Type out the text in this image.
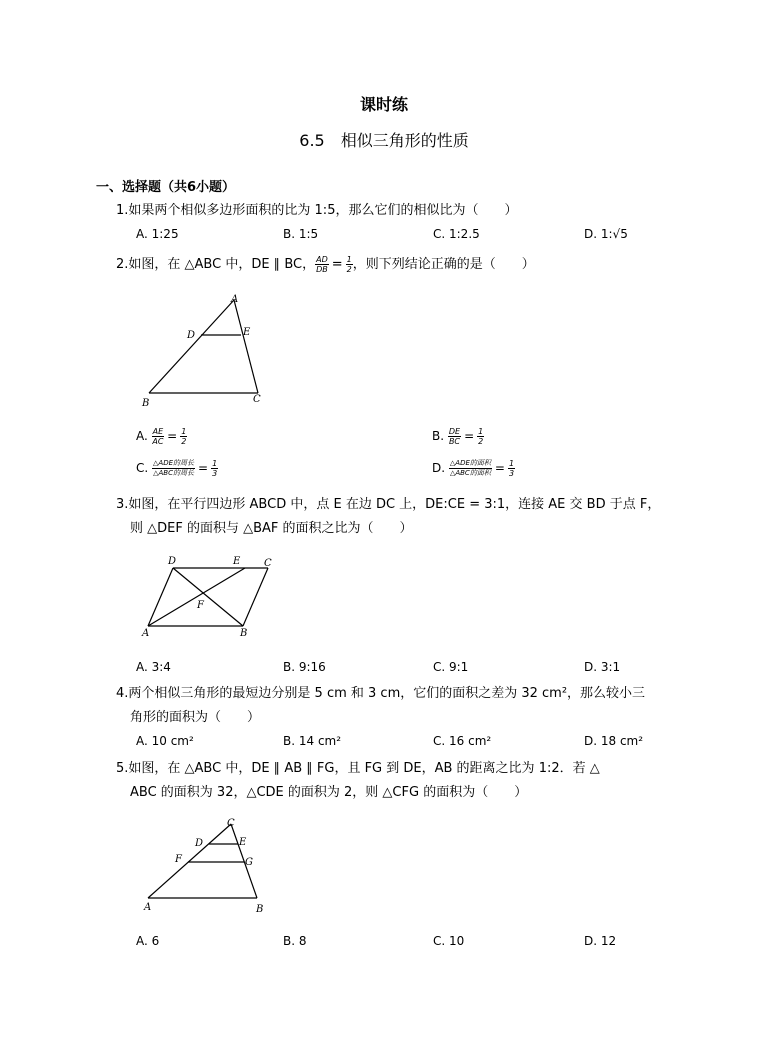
课时练
6.5　相似三角形的性质
一、选择题（共6小题）
1.如果两个相似多边形面积的比为 1:5，那么它们的相似比为（　　）
A. 1:25	B. 1:5	C. 1:2.5	D. 1:√5
2.如图，在 △ABC 中，DE ∥ BC， $\frac{AD}{DB} = \frac{1}{2}$ ，则下列结论正确的是（　　）
A
B	C
D	E
A. $\frac{AE}{AC} = \frac{1}{2}$	B. $\frac{DE}{BC} = \frac{1}{2}$
C. $\frac{\text{△ADE的周长}}{\text{△ABC的周长}} = \frac{1}{3}$	D. $\frac{\text{△ADE的面积}}{\text{△ABC的面积}} = \frac{1}{3}$
3.如图，在平行四边形 ABCD 中，点 E 在边 DC 上，DE:CE = 3:1，连接 AE 交 BD 于点 F，
则 △DEF 的面积与 △BAF 的面积之比为（　　）
D	E C
A	B
F
A. 3:4	B. 9:16	C. 9:1	D. 3:1
4.两个相似三角形的最短边分别是 5 cm 和 3 cm，它们的面积之差为 32 cm²，那么较小三
角形的面积为（　　）
A. 10 cm²	B. 14 cm²	C. 16 cm²	D. 18 cm²
5.如图，在 △ABC 中，DE ∥ AB ∥ FG，且 FG 到 DE，AB 的距离之比为 1:2．若 △
ABC 的面积为 32，△CDE 的面积为 2，则 △CFG 的面积为（　　）
C
D	E
F	G
A	B
A. 6	B. 8	C. 10	D. 12
